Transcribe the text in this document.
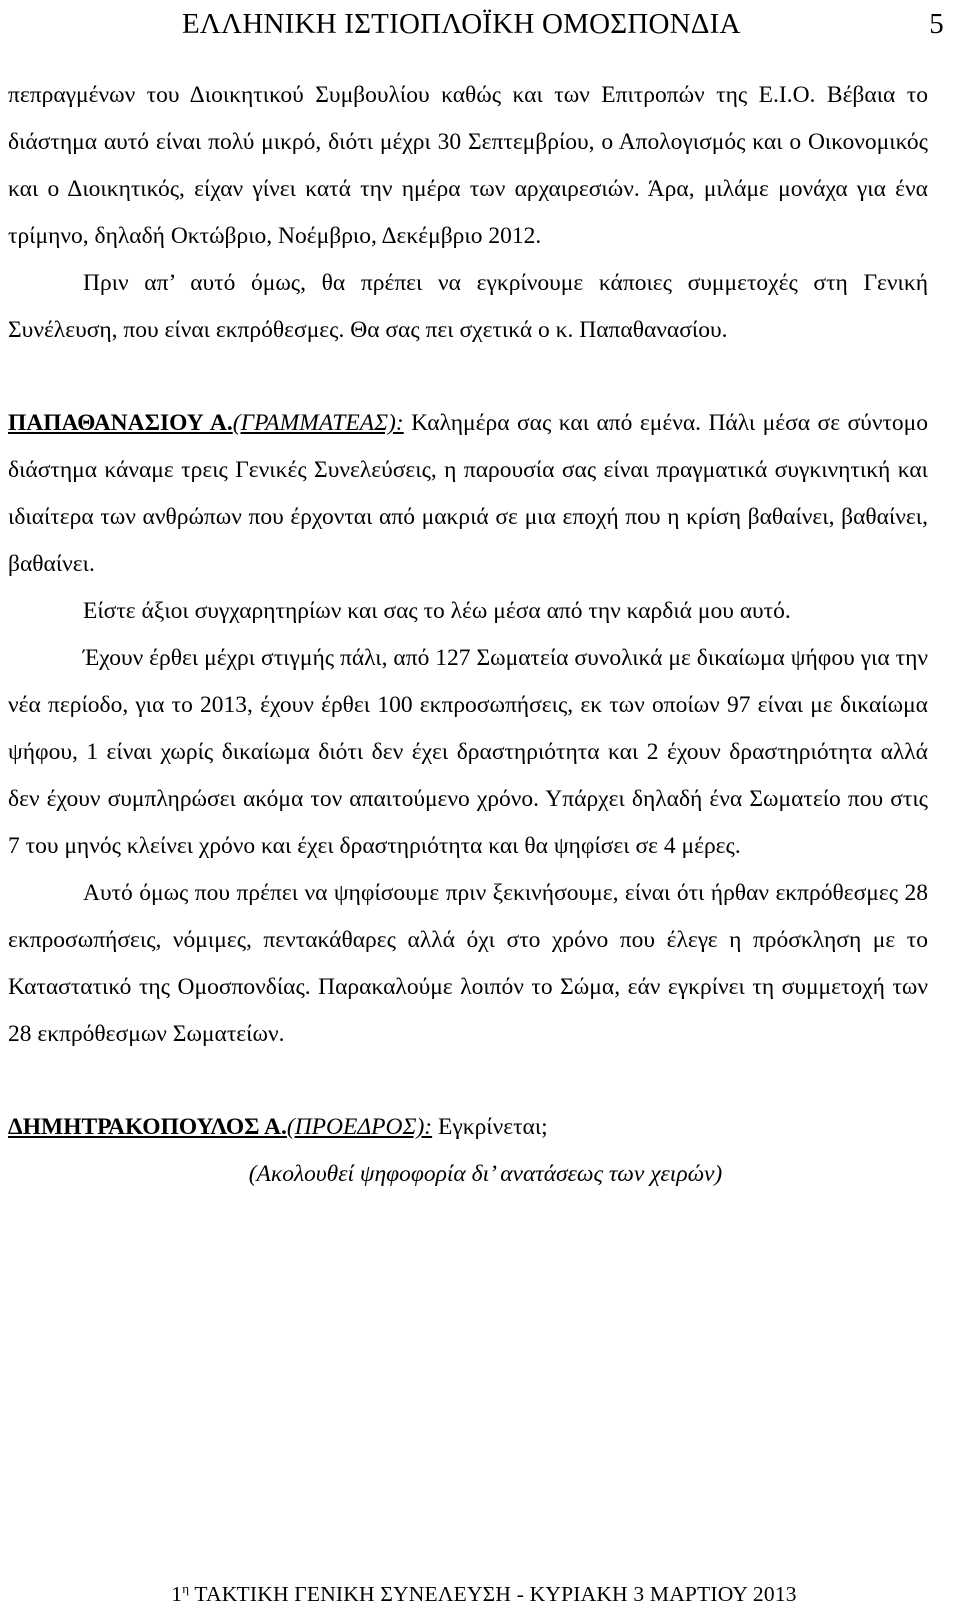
ΕΛΛΗΝΙΚΗ ΙΣΤΙΟΠΛΟΪΚΗ ΟΜΟΣΠΟΝΔΙΑ	5

πεπραγμένων του Διοικητικού Συμβουλίου καθώς και των Επιτροπών της Ε.Ι.Ο. Βέβαια το διάστημα αυτό είναι πολύ μικρό, διότι μέχρι 30 Σεπτεμβρίου, ο Απολογισμός και ο Οικονομικός και ο Διοικητικός, είχαν γίνει κατά την ημέρα των αρχαιρεσιών. Άρα, μιλάμε μονάχα για ένα τρίμηνο, δηλαδή Οκτώβριο, Νοέμβριο, Δεκέμβριο 2012.

Πριν απ’ αυτό όμως, θα πρέπει να εγκρίνουμε κάποιες συμμετοχές στη Γενική Συνέλευση, που είναι εκπρόθεσμες. Θα σας πει σχετικά ο κ. Παπαθανασίου.

ΠΑΠΑΘΑΝΑΣΙΟΥ Α.(ΓΡΑΜΜΑΤΕΑΣ): Καλημέρα σας και από εμένα. Πάλι μέσα σε σύντομο διάστημα κάναμε τρεις Γενικές Συνελεύσεις, η παρουσία σας είναι πραγματικά συγκινητική και ιδιαίτερα των ανθρώπων που έρχονται από μακριά σε μια εποχή που η κρίση βαθαίνει, βαθαίνει, βαθαίνει.

Είστε άξιοι συγχαρητηρίων και σας το λέω μέσα από την καρδιά μου αυτό.

Έχουν έρθει μέχρι στιγμής πάλι, από 127 Σωματεία συνολικά με δικαίωμα ψήφου για την νέα περίοδο, για το 2013, έχουν έρθει 100 εκπροσωπήσεις, εκ των οποίων 97 είναι με δικαίωμα ψήφου, 1 είναι χωρίς δικαίωμα διότι δεν έχει δραστηριότητα και 2 έχουν δραστηριότητα αλλά δεν έχουν συμπληρώσει ακόμα τον απαιτούμενο χρόνο. Υπάρχει δηλαδή ένα Σωματείο που στις 7 του μηνός κλείνει χρόνο και έχει δραστηριότητα και θα ψηφίσει σε 4 μέρες.

Αυτό όμως που πρέπει να ψηφίσουμε πριν ξεκινήσουμε, είναι ότι ήρθαν εκπρόθεσμες 28 εκπροσωπήσεις, νόμιμες, πεντακάθαρες αλλά όχι στο χρόνο που έλεγε η πρόσκληση με το Καταστατικό της Ομοσπονδίας. Παρακαλούμε λοιπόν το Σώμα, εάν εγκρίνει τη συμμετοχή των 28 εκπρόθεσμων Σωματείων.

ΔΗΜΗΤΡΑΚΟΠΟΥΛΟΣ Α.(ΠΡΟΕΔΡΟΣ): Εγκρίνεται;

(Ακολουθεί ψηφοφορία δι’ ανατάσεως των χειρών)

$1^\eta$ ΤΑΚΤΙΚΗ ΓΕΝΙΚΗ ΣΥΝΕΛΕΥΣΗ - ΚΥΡΙΑΚΗ 3 ΜΑΡΤΙΟΥ 2013
